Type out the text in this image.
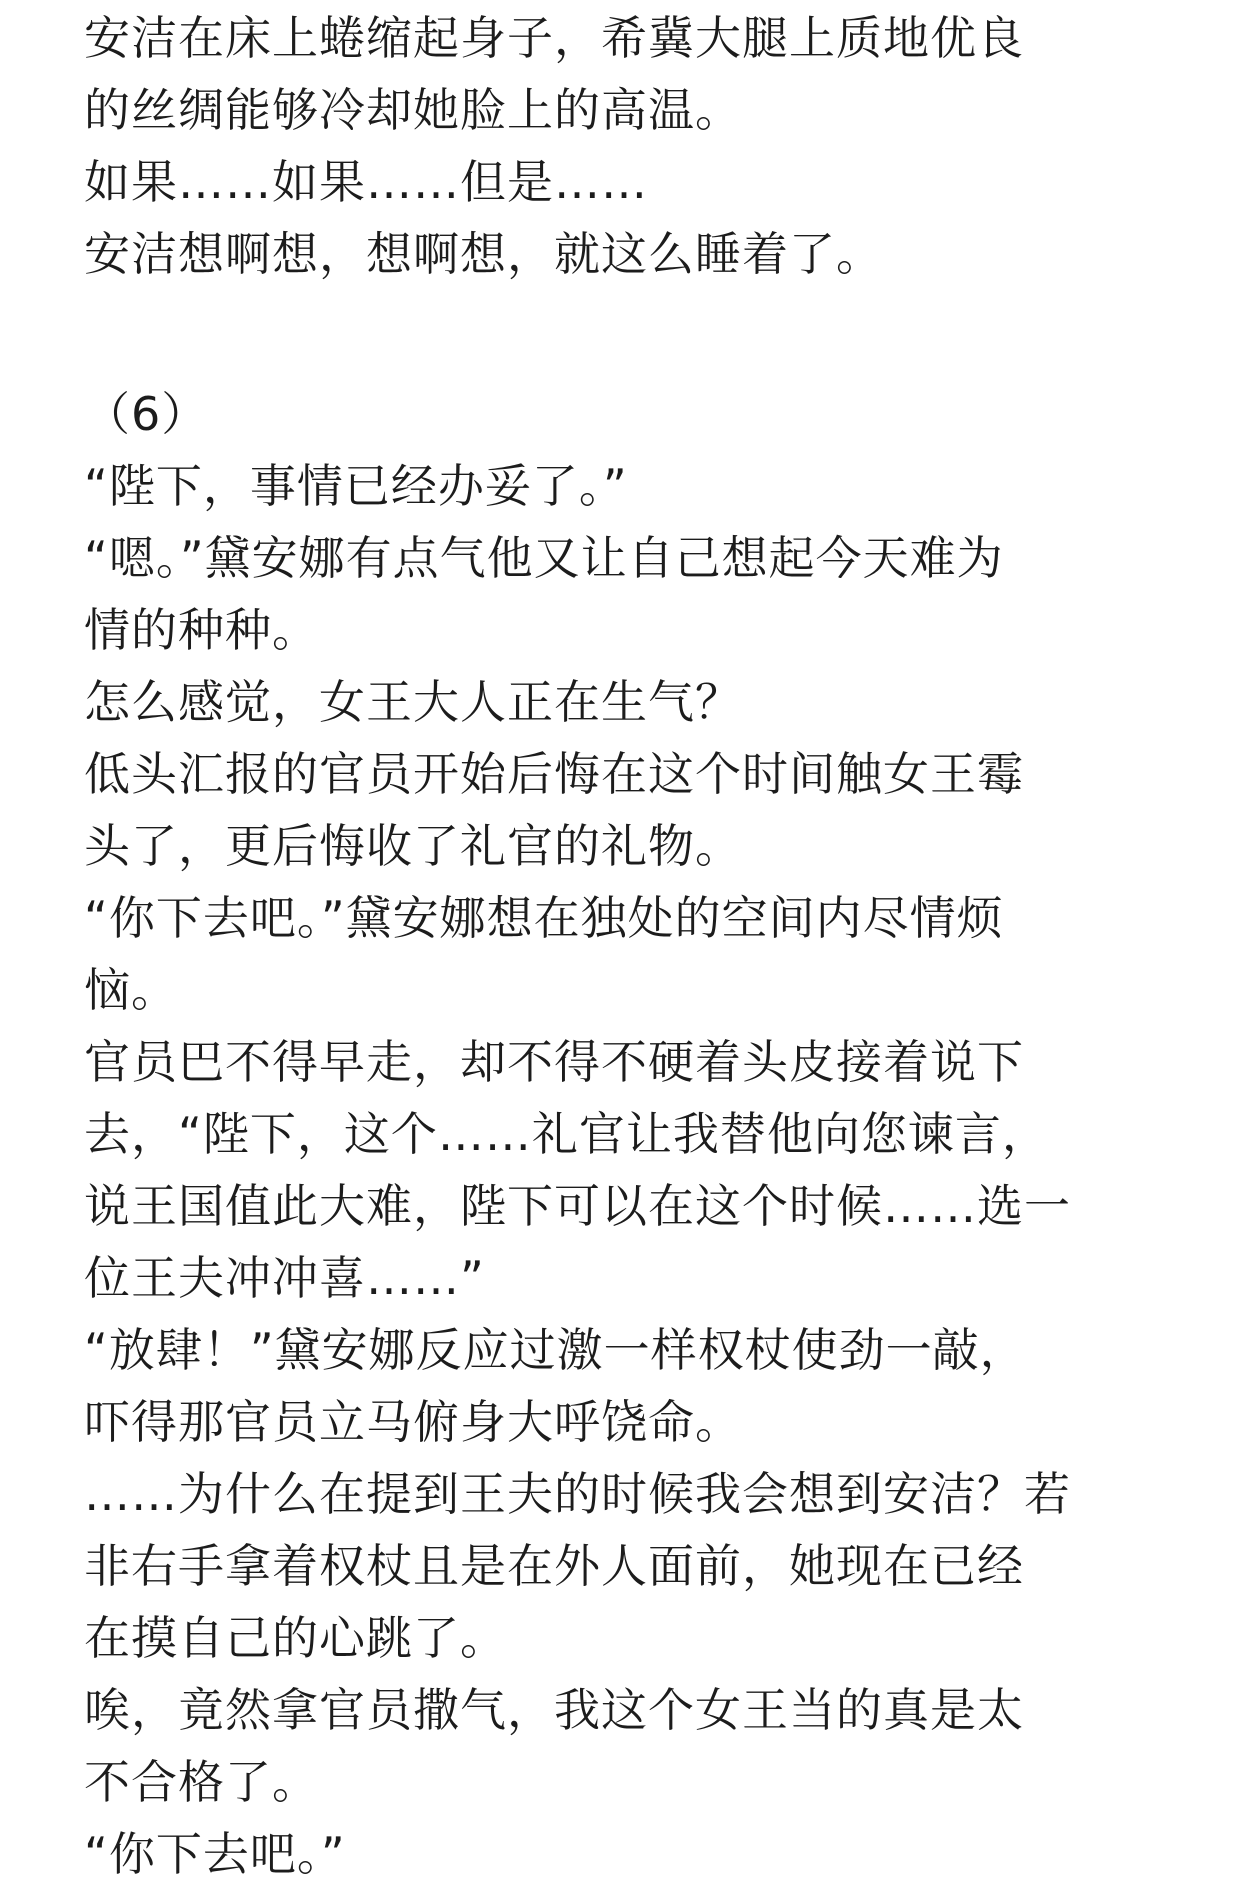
安洁在床上蜷缩起身子，希冀大腿上质地优良
的丝绸能够冷却她脸上的高温。
如果……如果……但是……
安洁想啊想，想啊想，就这么睡着了。
（6）
“陛下，事情已经办妥了。”
“嗯。”黛安娜有点气他又让自己想起今天难为
情的种种。
怎么感觉，女王大人正在生气？
低头汇报的官员开始后悔在这个时间触女王霉
头了，更后悔收了礼官的礼物。
“你下去吧。”黛安娜想在独处的空间内尽情烦
恼。
官员巴不得早走，却不得不硬着头皮接着说下
去，“陛下，这个……礼官让我替他向您谏言，
说王国值此大难，陛下可以在这个时候……选一
位王夫冲冲喜……”
“放肆！”黛安娜反应过激一样权杖使劲一敲，
吓得那官员立马俯身大呼饶命。
……为什么在提到王夫的时候我会想到安洁？若
非右手拿着权杖且是在外人面前，她现在已经
在摸自己的心跳了。
唉，竟然拿官员撒气，我这个女王当的真是太
不合格了。
“你下去吧。”
